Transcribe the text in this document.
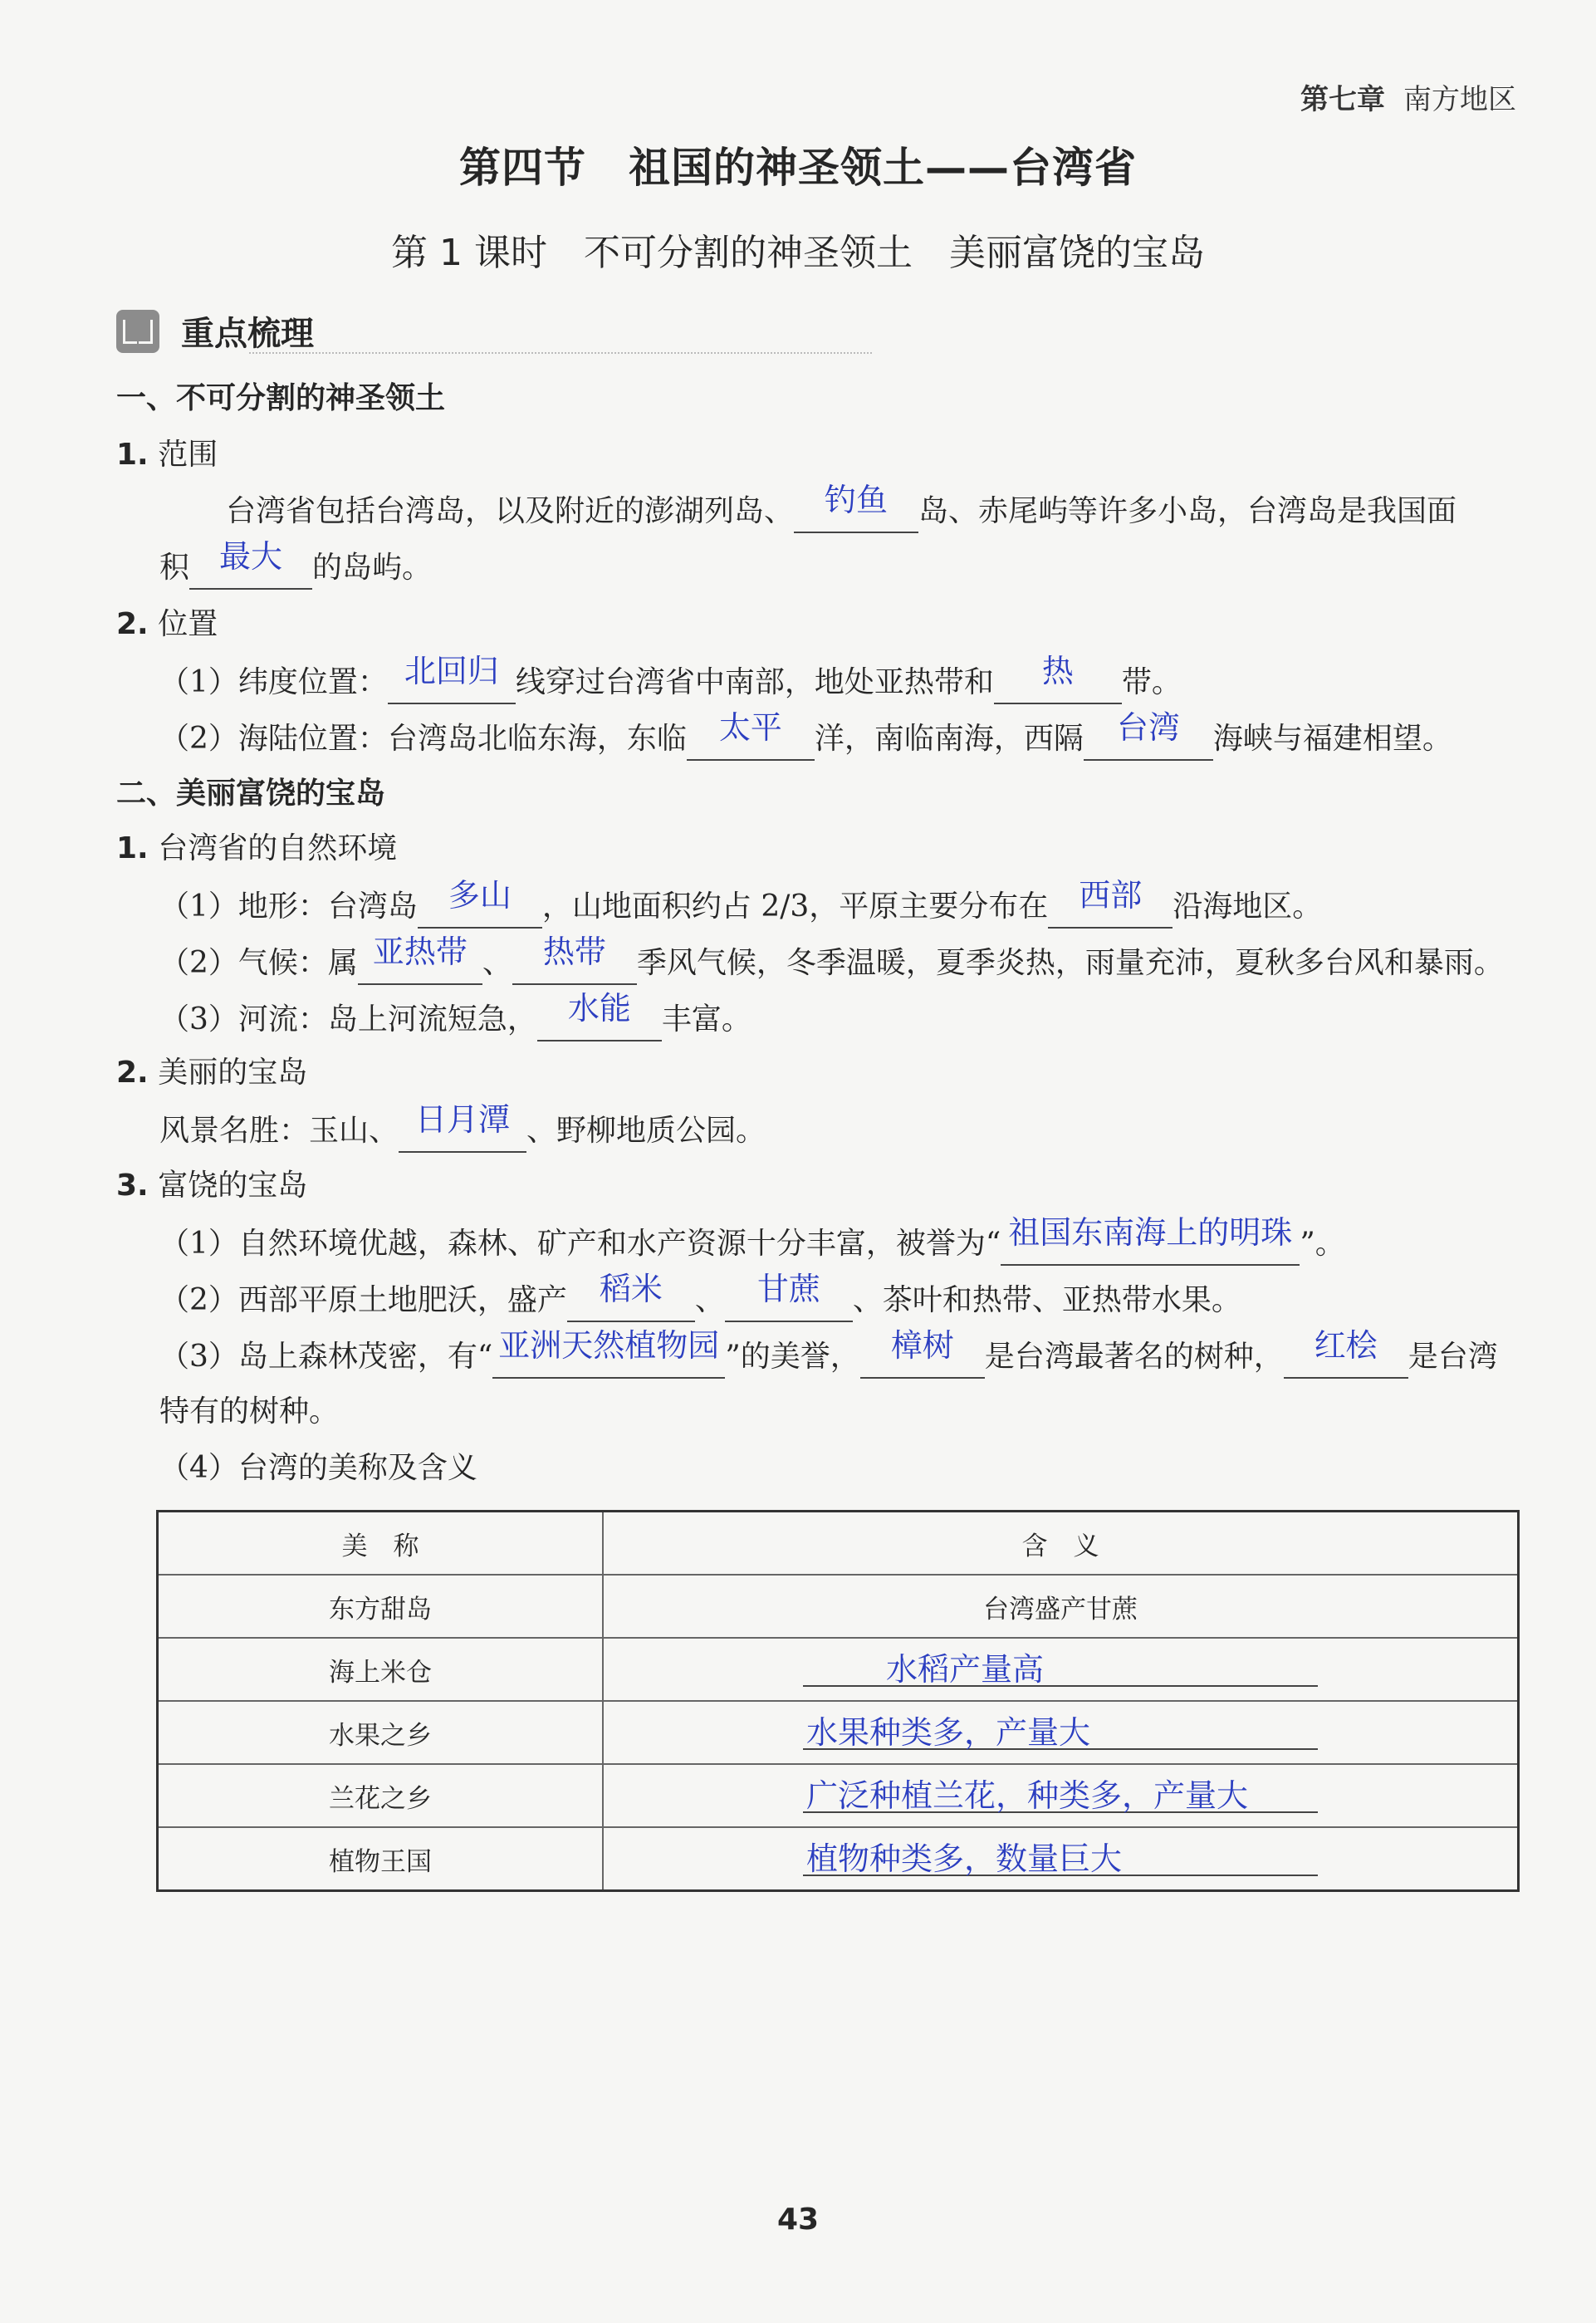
第七章 南方地区
第四节　祖国的神圣领土——台湾省
第 1 课时　不可分割的神圣领土　美丽富饶的宝岛
重点梳理
一、不可分割的神圣领土
1. 范围
台湾省包括台湾岛，以及附近的澎湖列岛、 钓鱼 岛、赤尾屿等许多小岛，台湾岛是我国面
积 最大 的岛屿。
2. 位置
（1）纬度位置： 北回归 线穿过台湾省中南部，地处亚热带和 热 带。
（2）海陆位置：台湾岛北临东海，东临 太平 洋，南临南海，西隔 台湾 海峡与福建相望。
二、美丽富饶的宝岛
1. 台湾省的自然环境
（1）地形：台湾岛 多山 ，山地面积约占 2/3，平原主要分布在 西部 沿海地区。
（2）气候：属 亚热带 、 热带 季风气候，冬季温暖，夏季炎热，雨量充沛，夏秋多台风和暴雨。
（3）河流：岛上河流短急， 水能 丰富。
2. 美丽的宝岛
风景名胜：玉山、 日月潭 、野柳地质公园。
3. 富饶的宝岛
（1）自然环境优越，森林、矿产和水产资源十分丰富，被誉为“ 祖国东南海上的明珠 ”。
（2）西部平原土地肥沃，盛产 稻米 、 甘蔗 、茶叶和热带、亚热带水果。
（3）岛上森林茂密，有“ 亚洲天然植物园 ”的美誉， 樟树 是台湾最著名的树种， 红桧 是台湾
特有的树种。
（4）台湾的美称及含义
美　称	含　义
东方甜岛	台湾盛产甘蔗
海上米仓	水稻产量高

水果之乡	水果种类多，产量大

兰花之乡	广泛种植兰花，种类多，产量大

植物王国	植物种类多，数量巨大
43
